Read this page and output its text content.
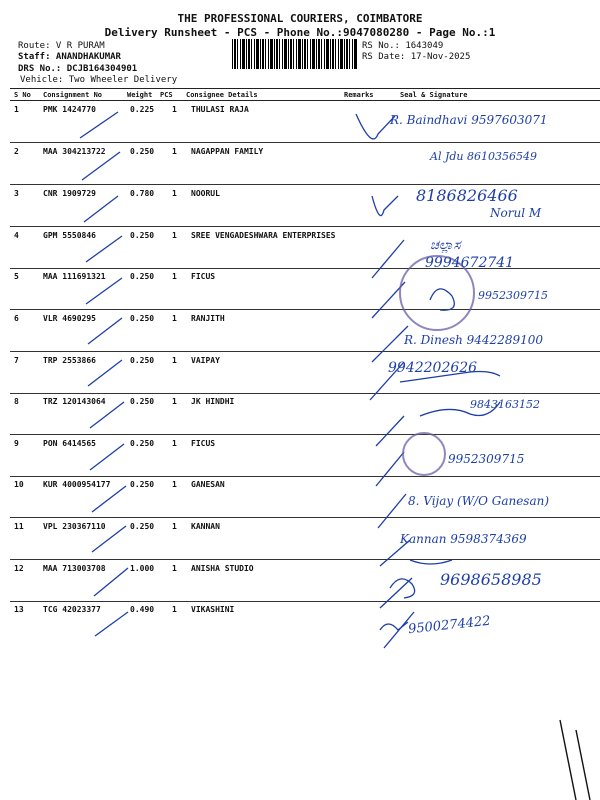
THE PROFESSIONAL COURIERS, COIMBATORE
Delivery Runsheet - PCS - Phone No.:9047080280 - Page No.:1
Route: V R PURAM
Staff: ANANDHAKUMAR
DRS No.: DCJB164304901
Vehicle: Two Wheeler Delivery
RS No.: 1643049
RS Date: 17-Nov-2025
S No Consignment No	Weight PCS Consignee Details	Remarks	Seal & Signature
1	PMK 1424770	0.225 1 THULASI RAJA
2	MAA 304213722	0.250 1 NAGAPPAN FAMILY
3	CNR 1909729	0.780 1 NOORUL
4	GPM 5550846	0.250 1 SREE VENGADESHWARA ENTERPRISES
5	MAA 111691321	0.250 1 FICUS
6	VLR 4690295	0.250 1 RANJITH
7	TRP 2553866	0.250 1 VAIPAY
8	TRZ 120143064	0.250 1 JK HINDHI
9	PON 6414565	0.250 1 FICUS
10 KUR 4000954177 0.250 1 GANESAN
11 VPL 230367110	0.250 1 KANNAN
12 MAA 713003708	1.000 1 ANISHA STUDIO
13 TCG 42023377	0.490 1 VIKASHINI
R. Baindhavi 9597603071
Al Jdu 8610356549
8186826466
Norul M
ಚಲ್ಲಾಸ
9994672741
9952309715
R. Dinesh 9442289100
9942202626
9843163152
9952309715
8. Vijay (W/O Ganesan)
Kannan 9598374369
9698658985
9500274422
